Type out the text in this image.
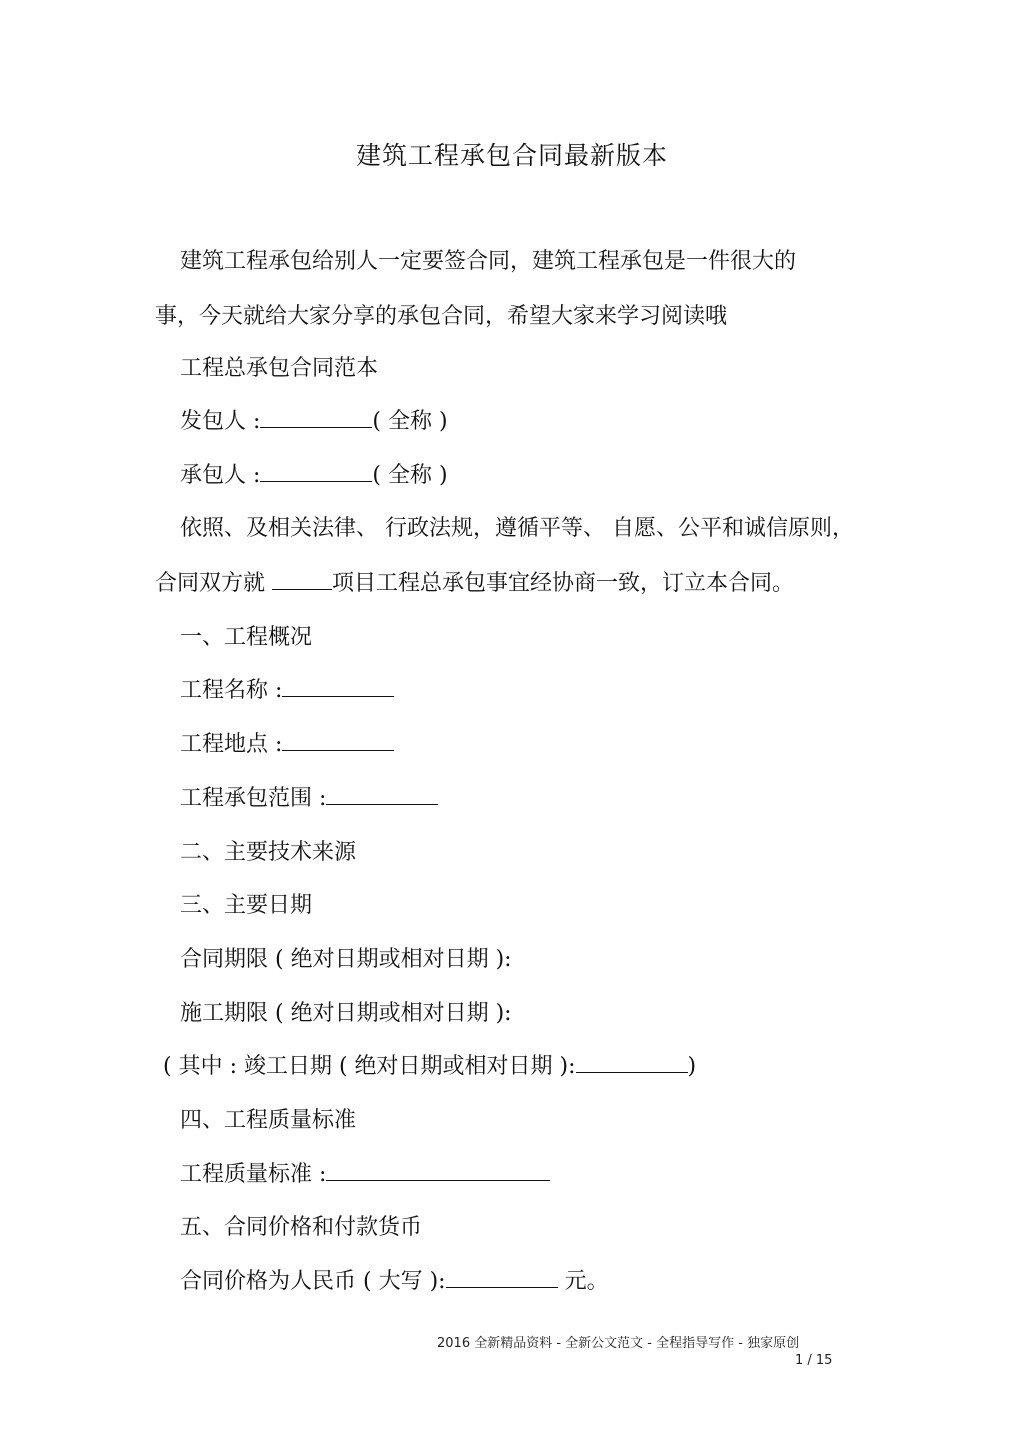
建筑工程承包合同最新版本
建筑工程承包给别人一定要签合同，建筑工程承包是一件很大的
事，今天就给大家分享的承包合同，希望大家来学习阅读哦
工程总承包合同范本
发包人 :	( 全称 )
承包人 :	( 全称 )
依照、及相关法律、 行政法规，遵循平等、 自愿、公平和诚信原则，
合同双方就	项目工程总承包事宜经协商一致，订立本合同。
一、工程概况
工程名称 :
工程地点 :
工程承包范围 :
二、主要技术来源
三、主要日期
合同期限 ( 绝对日期或相对日期 ):
施工期限 ( 绝对日期或相对日期 ):
( 其中 : 竣工日期 ( 绝对日期或相对日期 ):	)
四、工程质量标准
工程质量标准 :
五、合同价格和付款货币
合同价格为人民币 ( 大写 ):	元。
2016 全新精品资料 - 全新公文范文 - 全程指导写作 - 独家原创
1 / 15
